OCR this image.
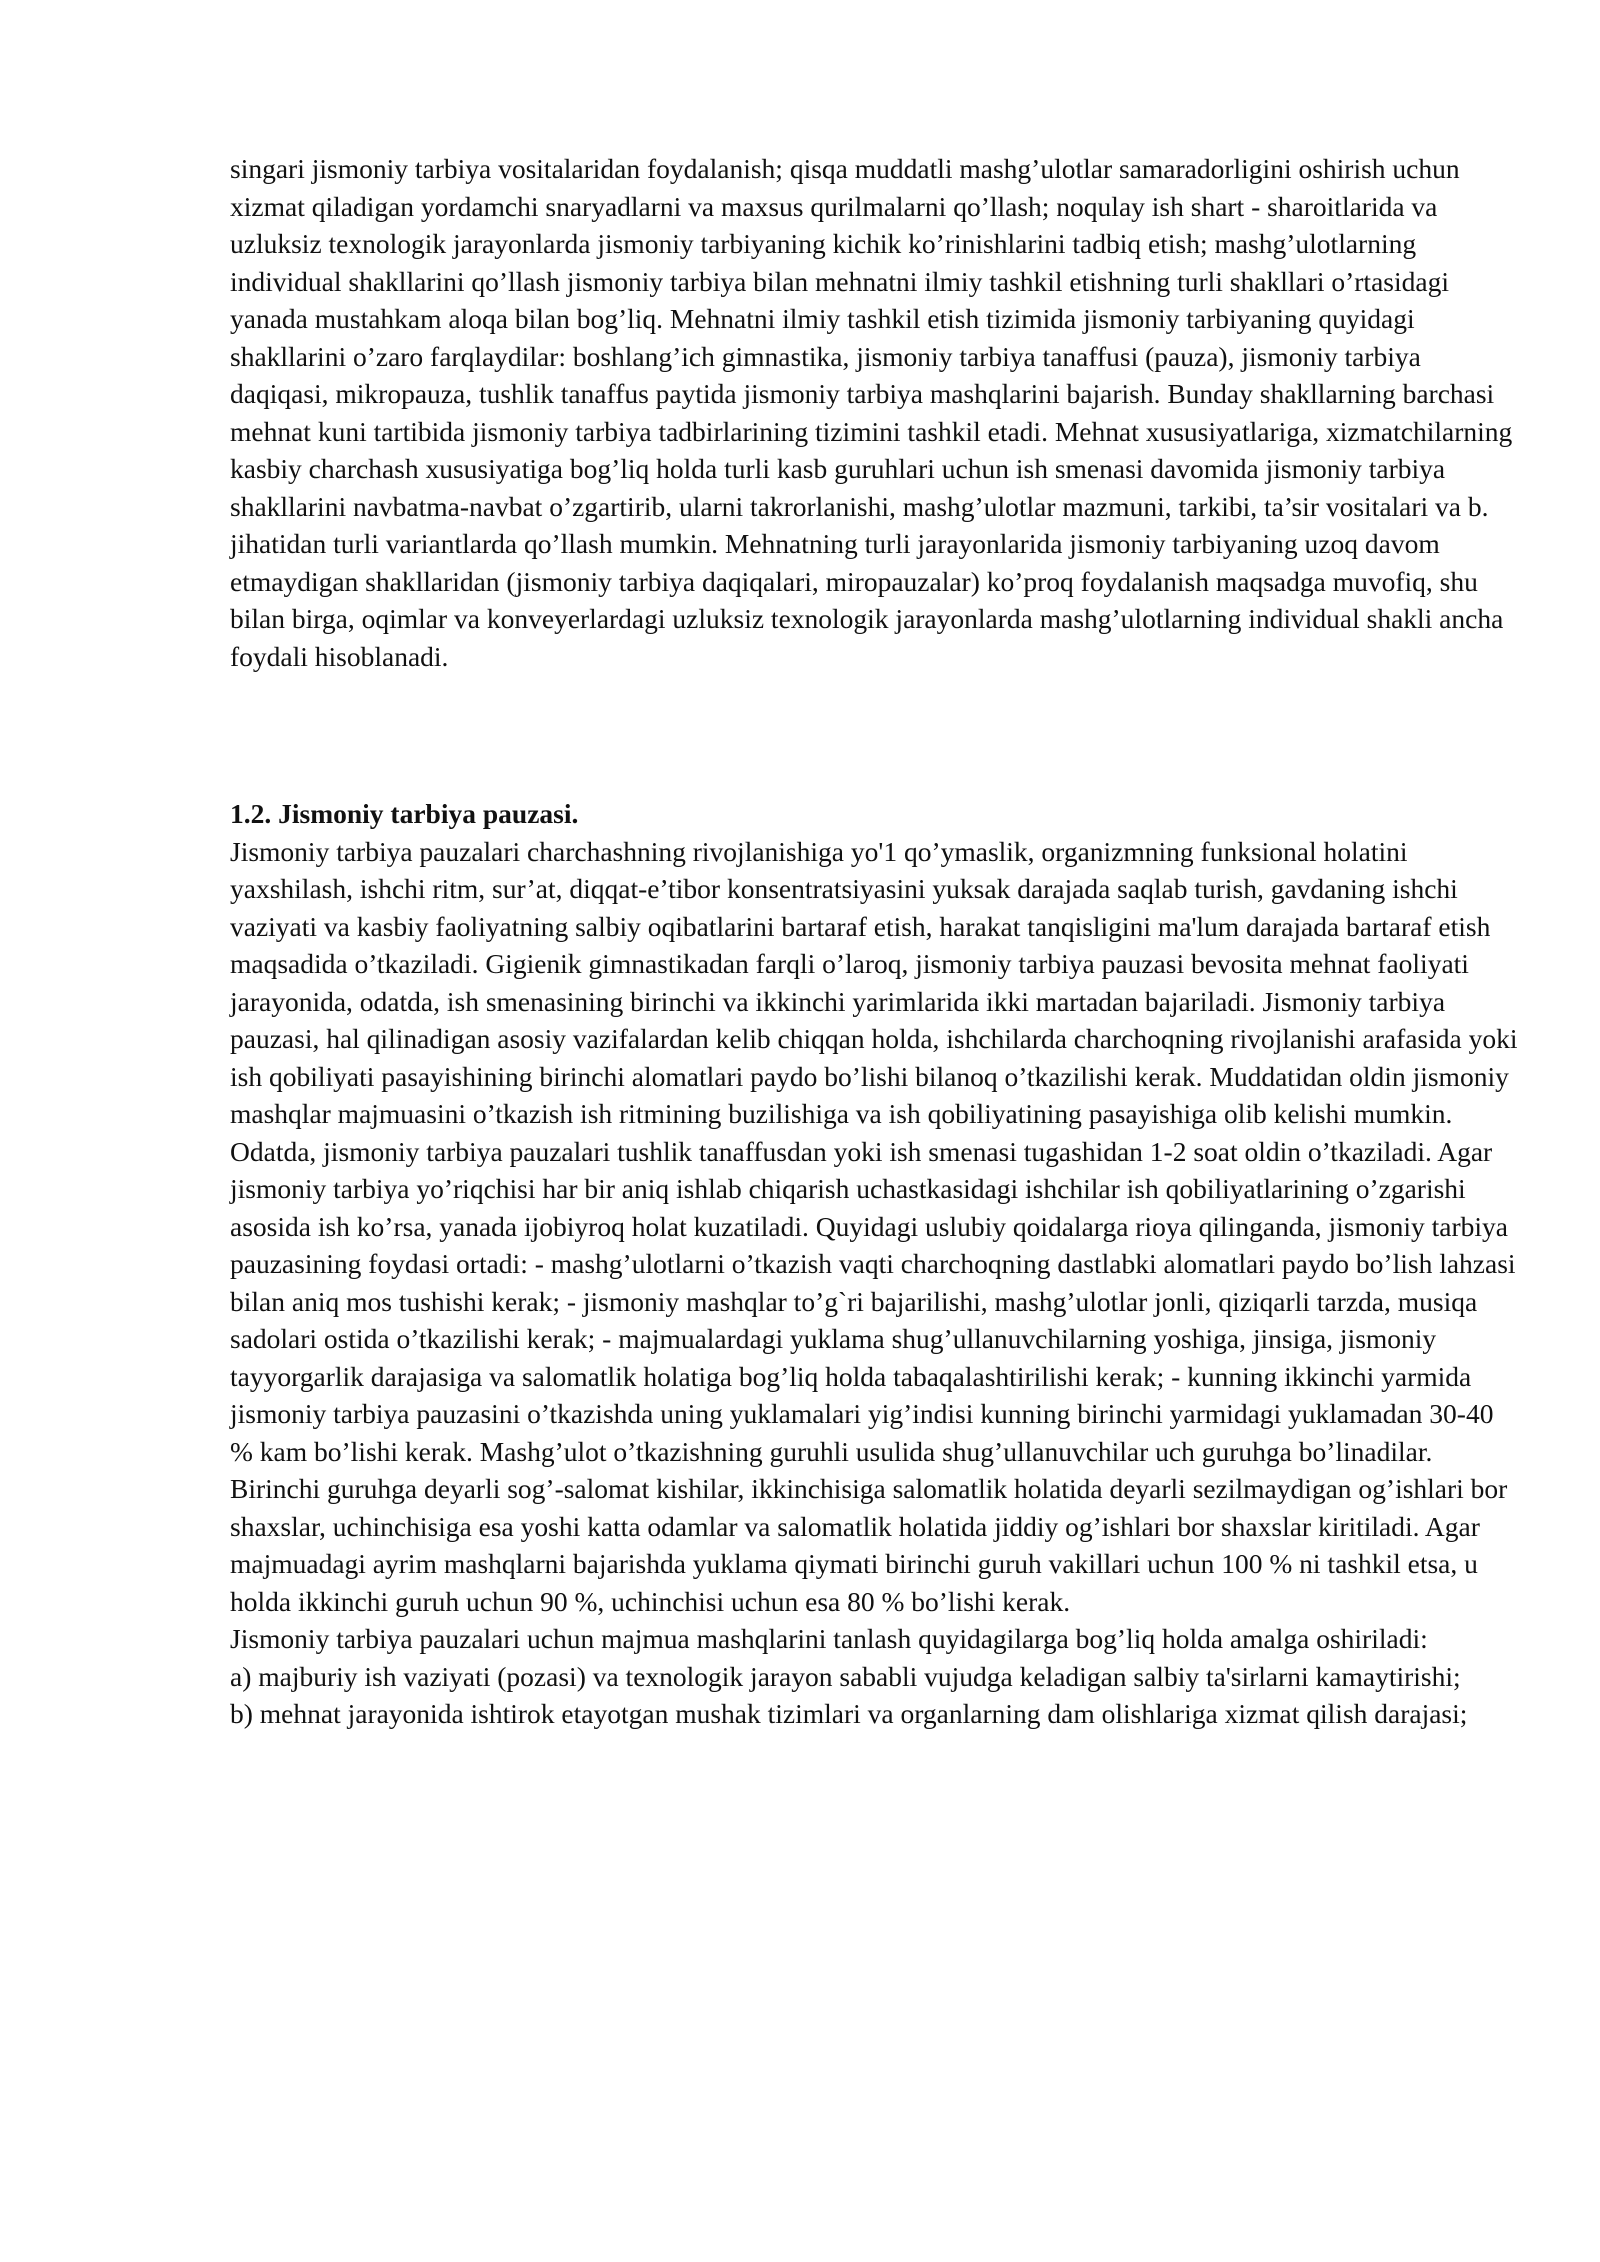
singari jismoniy tarbiya vositalaridan foydalanish; qisqa muddatli mashg’ulotlar samaradorligini oshirish uchun xizmat qiladigan yordamchi snaryadlarni va maxsus qurilmalarni qo’llash; noqulay ish shart - sharoitlarida va uzluksiz texnologik jarayonlarda jismoniy tarbiyaning kichik ko’rinishlarini tadbiq etish; mashg’ulotlarning individual shakllarini qo’llash jismoniy tarbiya bilan mehnatni ilmiy tashkil etishning turli shakllari o’rtasidagi yanada mustahkam aloqa bilan bog’liq. Mehnatni ilmiy tashkil etish tizimida jismoniy tarbiyaning quyidagi shakllarini o’zaro farqlaydilar: boshlang’ich gimnastika, jismoniy tarbiya tanaffusi (pauza), jismoniy tarbiya daqiqasi, mikropauza, tushlik tanaffus paytida jismoniy tarbiya mashqlarini bajarish. Bunday shakllarning barchasi mehnat kuni tartibida jismoniy tarbiya tadbirlarining tizimini tashkil etadi. Mehnat xususiyatlariga, xizmatchilarning kasbiy charchash xususiyatiga bog’liq holda turli kasb guruhlari uchun ish smenasi davomida jismoniy tarbiya shakllarini navbatma-navbat o’zgartirib, ularni takrorlanishi, mashg’ulotlar mazmuni, tarkibi, ta’sir vositalari va b. jihatidan turli variantlarda qo’llash mumkin. Mehnatning turli jarayonlarida jismoniy tarbiyaning uzoq davom etmaydigan shakllaridan (jismoniy tarbiya daqiqalari, miropauzalar) ko’proq foydalanish maqsadga muvofiq, shu bilan birga, oqimlar va konveyerlardagi uzluksiz texnologik jarayonlarda mashg’ulotlarning individual shakli ancha foydali hisoblanadi.

1.2. Jismoniy tarbiya pauzasi.

Jismoniy tarbiya pauzalari charchashning rivojlanishiga yo'1 qo’ymaslik, organizmning funksional holatini yaxshilash, ishchi ritm, sur’at, diqqat-e’tibor konsentratsiyasini yuksak darajada saqlab turish, gavdaning ishchi vaziyati va kasbiy faoliyatning salbiy oqibatlarini bartaraf etish, harakat tanqisligini ma'lum darajada bartaraf etish maqsadida o’tkaziladi. Gigienik gimnastikadan farqli o’laroq, jismoniy tarbiya pauzasi bevosita mehnat faoliyati jarayonida, odatda, ish smenasining birinchi va ikkinchi yarimlarida ikki martadan bajariladi. Jismoniy tarbiya pauzasi, hal qilinadigan asosiy vazifalardan kelib chiqqan holda, ishchilarda charchoqning rivojlanishi arafasida yoki ish qobiliyati pasayishining birinchi alomatlari paydo bo’lishi bilanoq o’tkazilishi kerak. Muddatidan oldin jismoniy mashqlar majmuasini o’tkazish ish ritmining buzilishiga va ish qobiliyatining pasayishiga olib kelishi mumkin. Odatda, jismoniy tarbiya pauzalari tushlik tanaffusdan yoki ish smenasi tugashidan 1-2 soat oldin o’tkaziladi. Agar jismoniy tarbiya yo’riqchisi har bir aniq ishlab chiqarish uchastkasidagi ishchilar ish qobiliyatlarining o’zgarishi asosida ish ko’rsa, yanada ijobiyroq holat kuzatiladi. Quyidagi uslubiy qoidalarga rioya qilinganda, jismoniy tarbiya pauzasining foydasi ortadi: - mashg’ulotlarni o’tkazish vaqti charchoqning dastlabki alomatlari paydo bo’lish lahzasi bilan aniq mos tushishi kerak; - jismoniy mashqlar to’g`ri bajarilishi, mashg’ulotlar jonli, qiziqarli tarzda, musiqa sadolari ostida o’tkazilishi kerak; - majmualardagi yuklama shug’ullanuvchilarning yoshiga, jinsiga, jismoniy tayyorgarlik darajasiga va salomatlik holatiga bog’liq holda tabaqalashtirilishi kerak; - kunning ikkinchi yarmida jismoniy tarbiya pauzasini o’tkazishda uning yuklamalari yig’indisi kunning birinchi yarmidagi yuklamadan 30-40 % kam bo’lishi kerak. Mashg’ulot o’tkazishning guruhli usulida shug’ullanuvchilar uch guruhga bo’linadilar. Birinchi guruhga deyarli sog’-salomat kishilar, ikkinchisiga salomatlik holatida deyarli sezilmaydigan og’ishlari bor shaxslar, uchinchisiga esa yoshi katta odamlar va salomatlik holatida jiddiy og’ishlari bor shaxslar kiritiladi. Agar majmuadagi ayrim mashqlarni bajarishda yuklama qiymati birinchi guruh vakillari uchun 100 % ni tashkil etsa, u holda ikkinchi guruh uchun 90 %, uchinchisi uchun esa 80 % bo’lishi kerak.

Jismoniy tarbiya pauzalari uchun majmua mashqlarini tanlash quyidagilarga bog’liq holda amalga oshiriladi:

a) majburiy ish vaziyati (pozasi) va texnologik jarayon sababli vujudga keladigan salbiy ta'sirlarni kamaytirishi;

b) mehnat jarayonida ishtirok etayotgan mushak tizimlari va organlarning dam olishlariga xizmat qilish darajasi;
